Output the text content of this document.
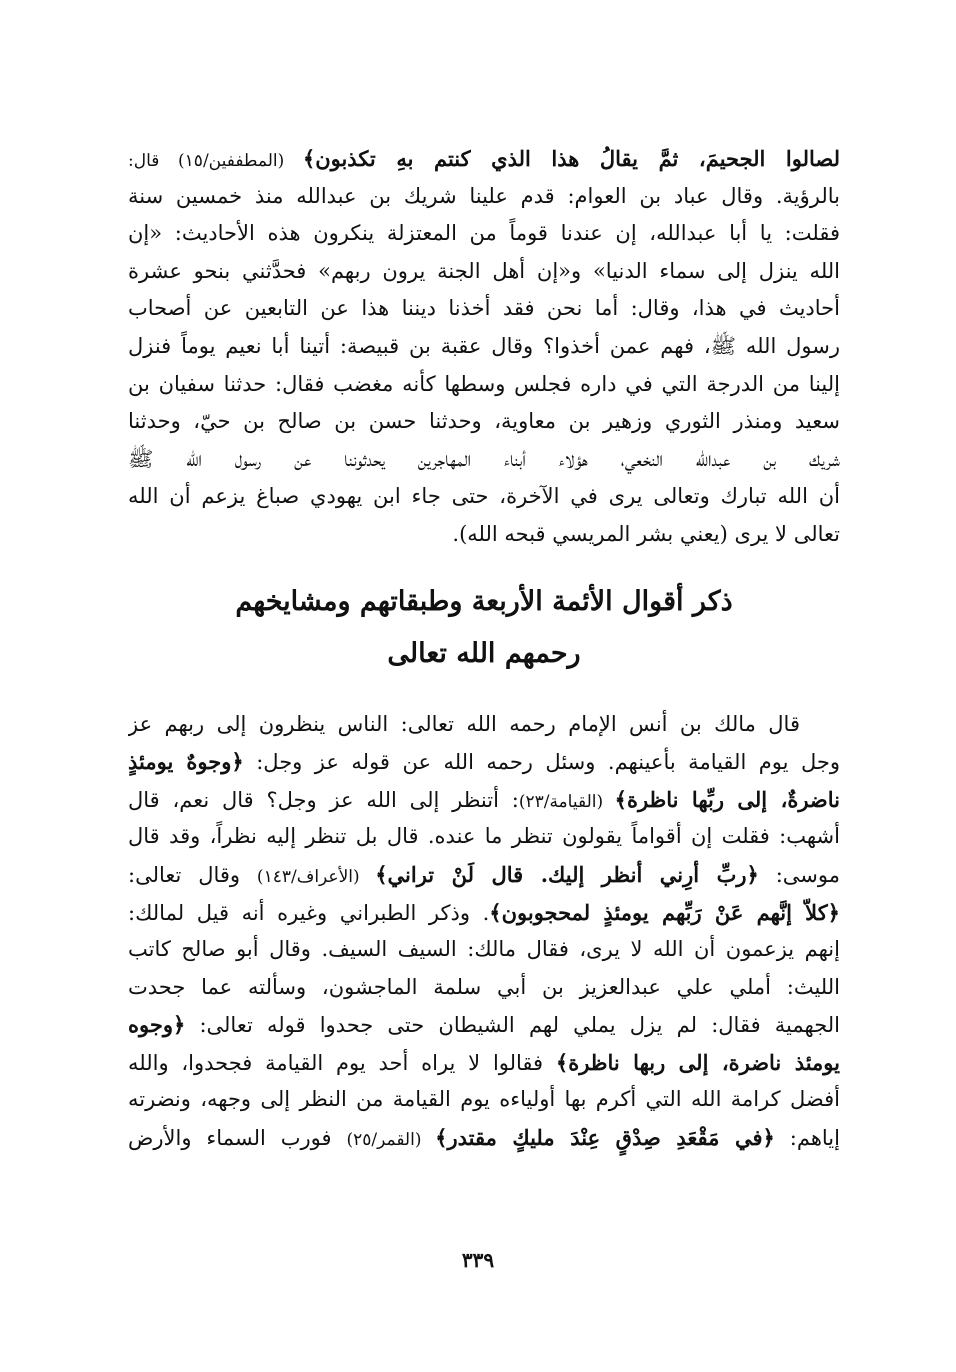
لصالوا الجحيمَ، ثمَّ يقالُ هذا الذي كنتم بهِ تكذبون﴾ (المطففين/١٥) قال:
بالرؤية. وقال عباد بن العوام: قدم علينا شريك بن عبدالله منذ خمسين سنة
فقلت: يا أبا عبدالله، إن عندنا قوماً من المعتزلة ينكرون هذه الأحاديث: «إن
الله ينزل إلى سماء الدنيا» و«إن أهل الجنة يرون ربهم» فحدَّثني بنحو عشرة
أحاديث في هذا، وقال: أما نحن فقد أخذنا ديننا هذا عن التابعين عن أصحاب
رسول الله ﷺ، فهم عمن أخذوا؟ وقال عقبة بن قبيصة: أتينا أبا نعيم يوماً فنزل
إلينا من الدرجة التي في داره فجلس وسطها كأنه مغضب فقال: حدثنا سفيان بن
سعيد ومنذر الثوري وزهير بن معاوية، وحدثنا حسن بن صالح بن حيّ، وحدثنا
شريك بن عبدالله النخعي، هؤلاء أبناء المهاجرين يحدثوننا عن رسول الله ﷺ
أن الله تبارك وتعالى يرى في الآخرة، حتى جاء ابن يهودي صباغ يزعم أن الله
تعالى لا يرى (يعني بشر المريسي قبحه الله).
ذكر أقوال الأئمة الأربعة وطبقاتهم ومشايخهم
رحمهم الله تعالى
قال مالك بن أنس الإمام رحمه الله تعالى: الناس ينظرون إلى ربهم عز
وجل يوم القيامة بأعينهم. وسئل رحمه الله عن قوله عز وجل: ﴿وجوهٌ يومئذٍ
ناضرةٌ، إلى ربِّها ناظرة﴾ (القيامة/٢٣): أتنظر إلى الله عز وجل؟ قال نعم، قال
أشهب: فقلت إن أقواماً يقولون تنظر ما عنده. قال بل تنظر إليه نظراً، وقد قال
موسى: ﴿ربِّ أرِني أنظر إليك. قال لَنْ تراني﴾ (الأعراف/١٤٣) وقال تعالى:
﴿كلاّ إنَّهم عَنْ رَبِّهم يومئذٍ لمحجوبون﴾. وذكر الطبراني وغيره أنه قيل لمالك:
إنهم يزعمون أن الله لا يرى، فقال مالك: السيف السيف. وقال أبو صالح كاتب
الليث: أملي علي عبدالعزيز بن أبي سلمة الماجشون، وسألته عما جحدت
الجهمية فقال: لم يزل يملي لهم الشيطان حتى جحدوا قوله تعالى: ﴿وجوه
يومئذ ناضرة، إلى ربها ناظرة﴾ فقالوا لا يراه أحد يوم القيامة فجحدوا، والله
أفضل كرامة الله التي أكرم بها أولياءه يوم القيامة من النظر إلى وجهه، ونضرته
إياهم: ﴿في مَقْعَدِ صِدْقٍ عِنْدَ مليكٍ مقتدر﴾ (القمر/٢٥) فورب السماء والأرض
٣٣٩
